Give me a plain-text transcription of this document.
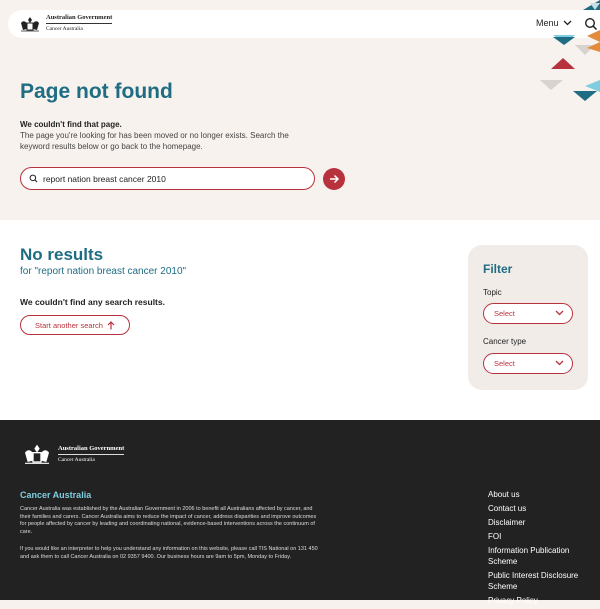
Australian Government
Cancer Australia
Menu
Page not found

We couldn't find that page.

The page you're looking for has been moved or no longer exists. Search the keyword results below or go back to the homepage.

report nation breast cancer 2010
No results

for "report nation breast cancer 2010"

We couldn't find any search results.

Start another search
Filter
Topic
Select
Cancer type
Select
Australian Government
Cancer Australia
Cancer Australia

Cancer Australia was established by the Australian Government in 2006 to benefit all Australians affected by cancer, and their families and carers. Cancer Australia aims to reduce the impact of cancer, address disparities and improve outcomes for people affected by cancer by leading and coordinating national, evidence-based interventions across the continuum of care.

If you would like an interpreter to help you understand any information on this website, please call TIS National on 131 450 and ask them to call Cancer Australia on 02 9357 9400. Our business hours are 9am to 5pm, Monday to Friday.

About us
Contact us
Disclaimer
FOI
Information Publication Scheme
Public Interest Disclosure Scheme
Privacy Policy
